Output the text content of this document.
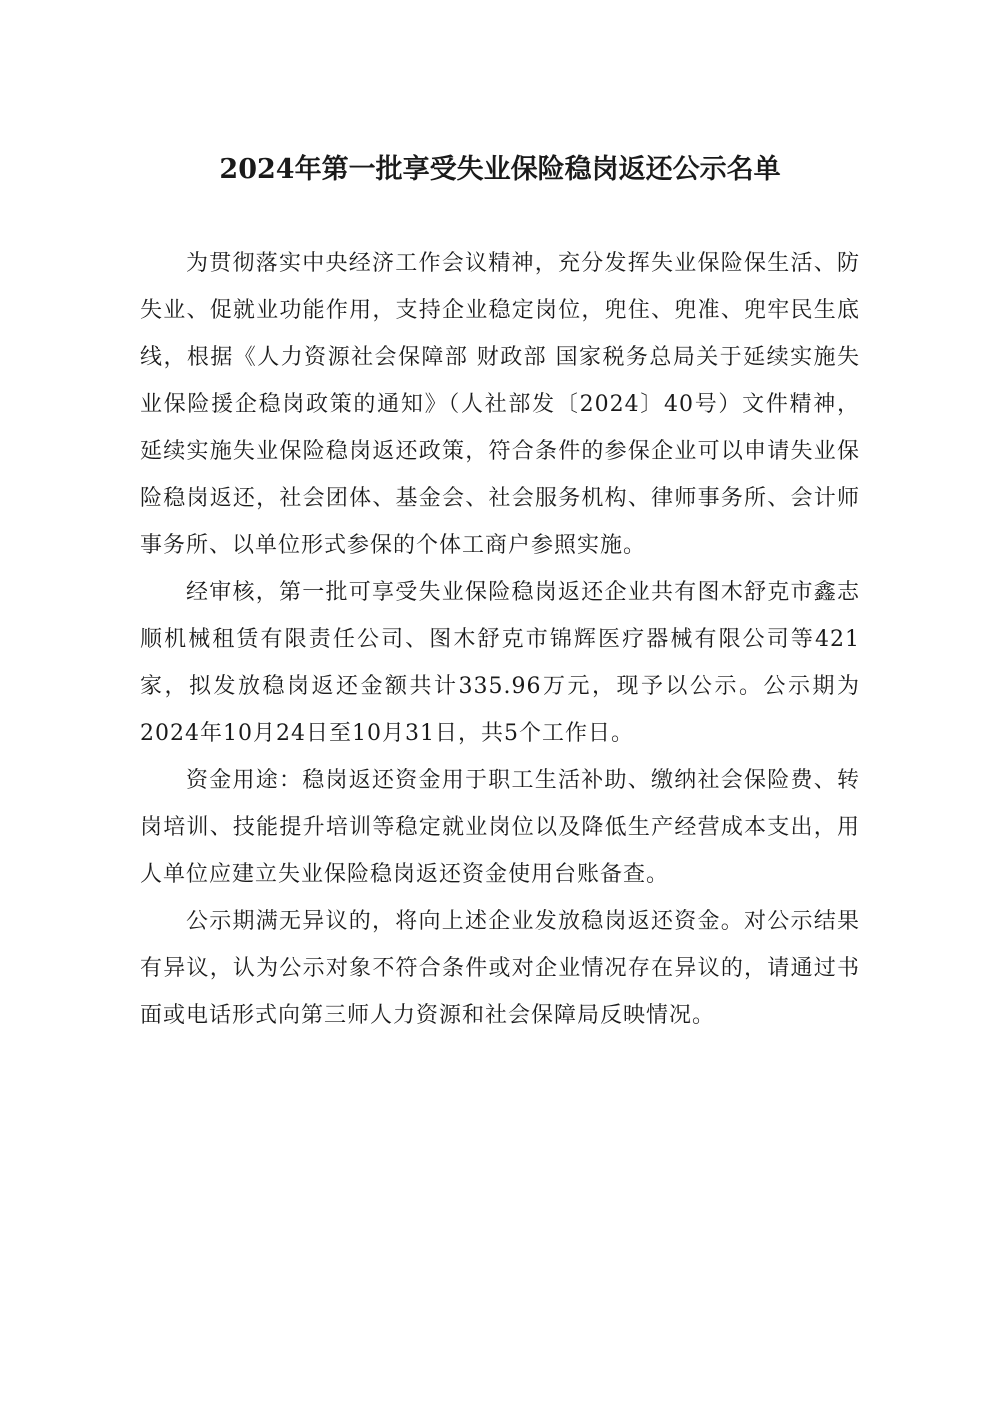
2024年第一批享受失业保险稳岗返还公示名单

为贯彻落实中央经济工作会议精神，充分发挥失业保险保生活、防失业、促就业功能作用，支持企业稳定岗位，兜住、兜准、兜牢民生底线，根据《人力资源社会保障部 财政部 国家税务总局关于延续实施失业保险援企稳岗政策的通知》（人社部发〔2024〕40号）文件精神，延续实施失业保险稳岗返还政策，符合条件的参保企业可以申请失业保险稳岗返还，社会团体、基金会、社会服务机构、律师事务所、会计师事务所、以单位形式参保的个体工商户参照实施。

经审核，第一批可享受失业保险稳岗返还企业共有图木舒克市鑫志顺机械租赁有限责任公司、图木舒克市锦辉医疗器械有限公司等421家，拟发放稳岗返还金额共计335.96万元，现予以公示。公示期为2024年10月24日至10月31日，共5个工作日。

资金用途：稳岗返还资金用于职工生活补助、缴纳社会保险费、转岗培训、技能提升培训等稳定就业岗位以及降低生产经营成本支出，用人单位应建立失业保险稳岗返还资金使用台账备查。

公示期满无异议的，将向上述企业发放稳岗返还资金。对公示结果有异议，认为公示对象不符合条件或对企业情况存在异议的，请通过书面或电话形式向第三师人力资源和社会保障局反映情况。
